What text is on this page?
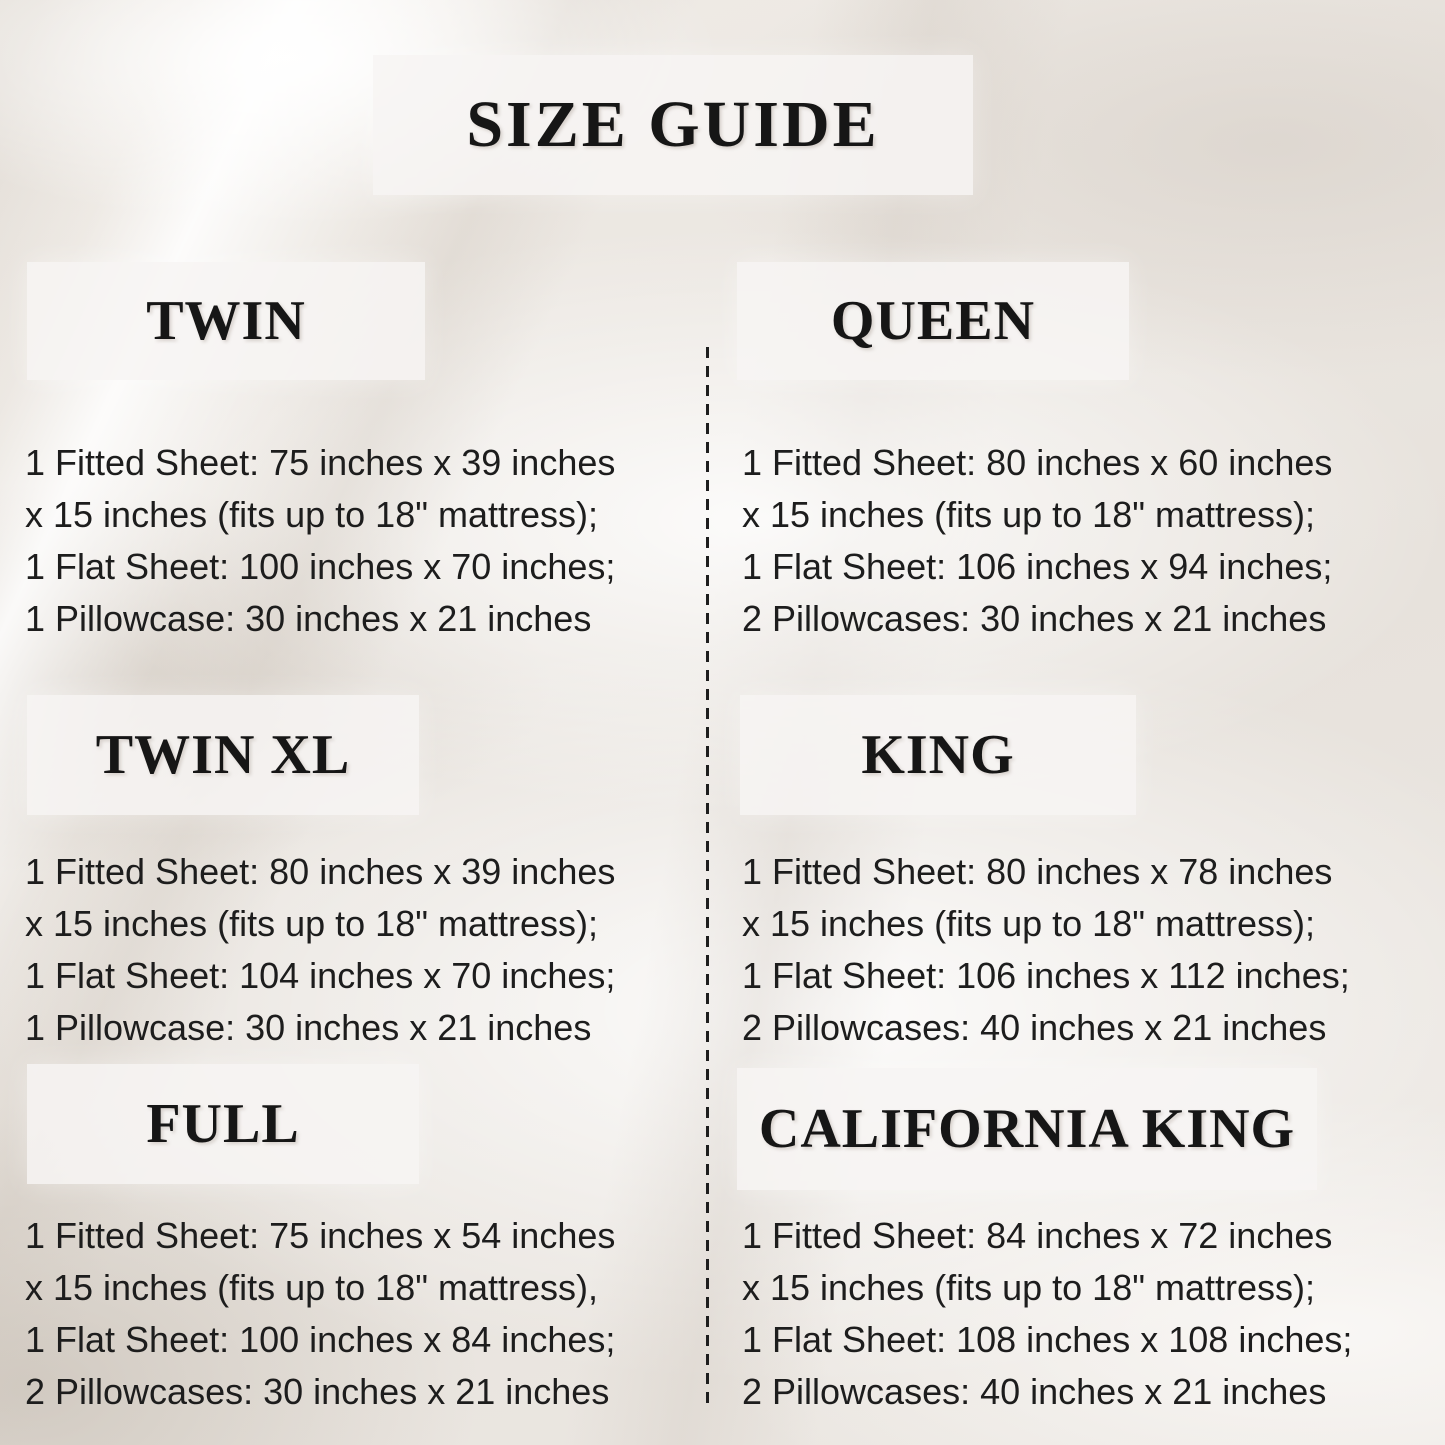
SIZE GUIDE
TWIN
1 Fitted Sheet: 75 inches x 39 inches
x 15 inches (fits up to 18" mattress);
1 Flat Sheet: 100 inches x 70 inches;
1 Pillowcase: 30 inches x 21 inches
QUEEN
1 Fitted Sheet: 80 inches x 60 inches
x 15 inches (fits up to 18" mattress);
1 Flat Sheet: 106 inches x 94 inches;
2 Pillowcases: 30 inches x 21 inches
TWIN XL
1 Fitted Sheet: 80 inches x 39 inches
x 15 inches (fits up to 18" mattress);
1 Flat Sheet: 104 inches x 70 inches;
1 Pillowcase: 30 inches x 21 inches
KING
1 Fitted Sheet: 80 inches x 78 inches
x 15 inches (fits up to 18" mattress);
1 Flat Sheet: 106 inches x 112 inches;
2 Pillowcases: 40 inches x 21 inches
FULL
1 Fitted Sheet: 75 inches x 54 inches
x 15 inches (fits up to 18" mattress),
1 Flat Sheet: 100 inches x 84 inches;
2 Pillowcases: 30 inches x 21 inches
CALIFORNIA KING
1 Fitted Sheet: 84 inches x 72 inches
x 15 inches (fits up to 18" mattress);
1 Flat Sheet: 108 inches x 108 inches;
2 Pillowcases: 40 inches x 21 inches
